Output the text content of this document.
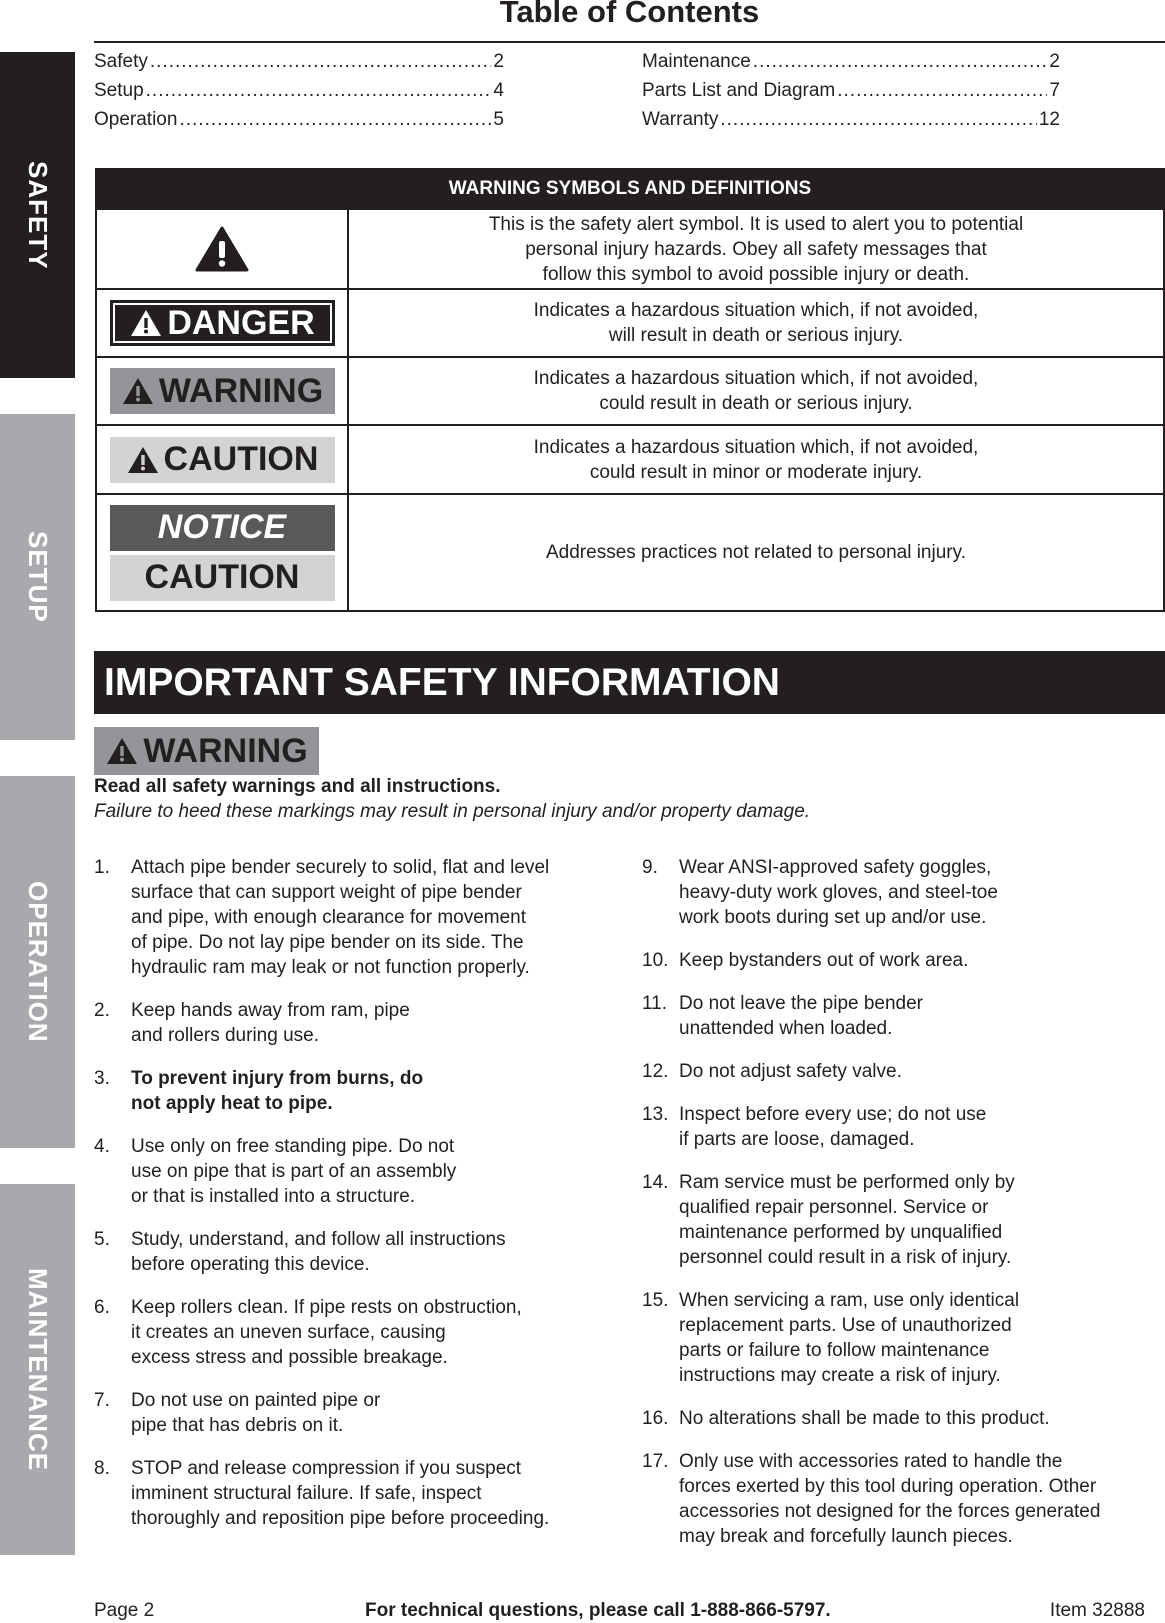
SAFETY
SETUP
OPERATION
MAINTENANCE
Table of Contents
Safety .....	2
Setup .....	4
Operation .....	5
Maintenance .....	2
Parts List and Diagram .....	7
Warranty .....	12
WARNING SYMBOLS AND DEFINITIONS
This is the safety alert symbol. It is used to alert you to potential
personal injury hazards. Obey all safety messages that
follow this symbol to avoid possible injury or death.
DANGER	Indicates a hazardous situation which, if not avoided,
will result in death or serious injury.
WARNING	Indicates a hazardous situation which, if not avoided,
could result in death or serious injury.
CAUTION	Indicates a hazardous situation which, if not avoided,
could result in minor or moderate injury.
NOTICE
CAUTION
Addresses practices not related to personal injury.
IMPORTANT SAFETY INFORMATION
WARNING
Read all safety warnings and all instructions.
Failure to heed these markings may result in personal injury and/or property damage.
1.	Attach pipe bender securely to solid, flat and level
surface that can support weight of pipe bender
and pipe, with enough clearance for movement
of pipe. Do not lay pipe bender on its side. The
hydraulic ram may leak or not function properly.
2.	Keep hands away from ram, pipe
and rollers during use.
3.	To prevent injury from burns, do
not apply heat to pipe.
4.	Use only on free standing pipe. Do not
use on pipe that is part of an assembly
or that is installed into a structure.
5.	Study, understand, and follow all instructions
before operating this device.
6.	Keep rollers clean. If pipe rests on obstruction,
it creates an uneven surface, causing
excess stress and possible breakage.
7.	Do not use on painted pipe or
pipe that has debris on it.
8.	STOP and release compression if you suspect
imminent structural failure. If safe, inspect
thoroughly and reposition pipe before proceeding.
9.	Wear ANSI-approved safety goggles,
heavy-duty work gloves, and steel-toe
work boots during set up and/or use.
10. Keep bystanders out of work area.
11. Do not leave the pipe bender
unattended when loaded.
12. Do not adjust safety valve.
13. Inspect before every use; do not use
if parts are loose, damaged.
14. Ram service must be performed only by
qualified repair personnel. Service or
maintenance performed by unqualified
personnel could result in a risk of injury.
15. When servicing a ram, use only identical
replacement parts. Use of unauthorized
parts or failure to follow maintenance
instructions may create a risk of injury.
16. No alterations shall be made to this product.
17. Only use with accessories rated to handle the
forces exerted by this tool during operation. Other
accessories not designed for the forces generated
may break and forcefully launch pieces.
Page 2	For technical questions, please call 1-888-866-5797.	Item 32888
